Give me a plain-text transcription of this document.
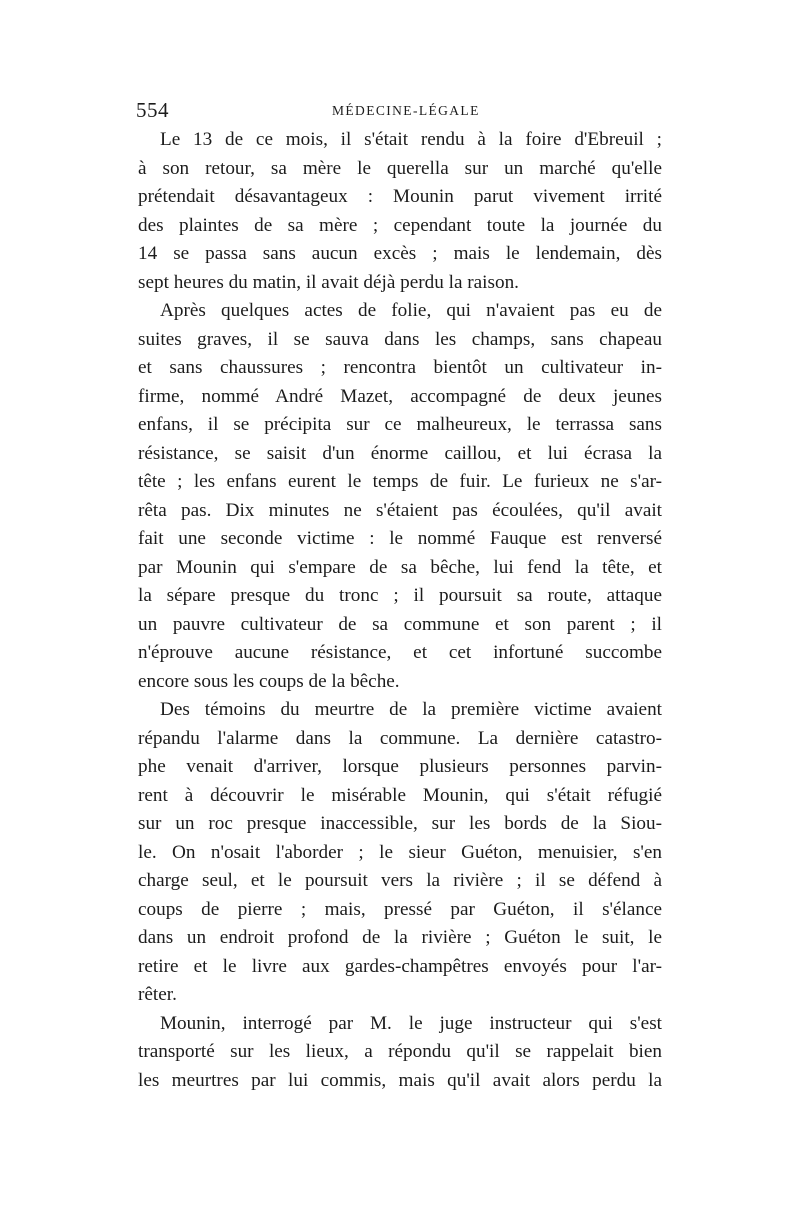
554	MÉDECINE-LÉGALE
Le 13 de ce mois, il s'était rendu à la foire d'Ebreuil ;
à son retour, sa mère le querella sur un marché qu'elle
prétendait désavantageux : Mounin parut vivement irrité
des plaintes de sa mère ; cependant toute la journée du
14 se passa sans aucun excès ; mais le lendemain, dès
sept heures du matin, il avait déjà perdu la raison.
Après quelques actes de folie, qui n'avaient pas eu de
suites graves, il se sauva dans les champs, sans chapeau
et sans chaussures ; rencontra bientôt un cultivateur in-
firme, nommé André Mazet, accompagné de deux jeunes
enfans, il se précipita sur ce malheureux, le terrassa sans
résistance, se saisit d'un énorme caillou, et lui écrasa la
tête ; les enfans eurent le temps de fuir. Le furieux ne s'ar-
rêta pas. Dix minutes ne s'étaient pas écoulées, qu'il avait
fait une seconde victime : le nommé Fauque est renversé
par Mounin qui s'empare de sa bêche, lui fend la tête, et
la sépare presque du tronc ; il poursuit sa route, attaque
un pauvre cultivateur de sa commune et son parent ; il
n'éprouve aucune résistance, et cet infortuné succombe
encore sous les coups de la bêche.
Des témoins du meurtre de la première victime avaient
répandu l'alarme dans la commune. La dernière catastro-
phe venait d'arriver, lorsque plusieurs personnes parvin-
rent à découvrir le misérable Mounin, qui s'était réfugié
sur un roc presque inaccessible, sur les bords de la Siou-
le. On n'osait l'aborder ; le sieur Guéton, menuisier, s'en
charge seul, et le poursuit vers la rivière ; il se défend à
coups de pierre ; mais, pressé par Guéton, il s'élance
dans un endroit profond de la rivière ; Guéton le suit, le
retire et le livre aux gardes-champêtres envoyés pour l'ar-
rêter.
Mounin, interrogé par M. le juge instructeur qui s'est
transporté sur les lieux, a répondu qu'il se rappelait bien
les meurtres par lui commis, mais qu'il avait alors perdu la
